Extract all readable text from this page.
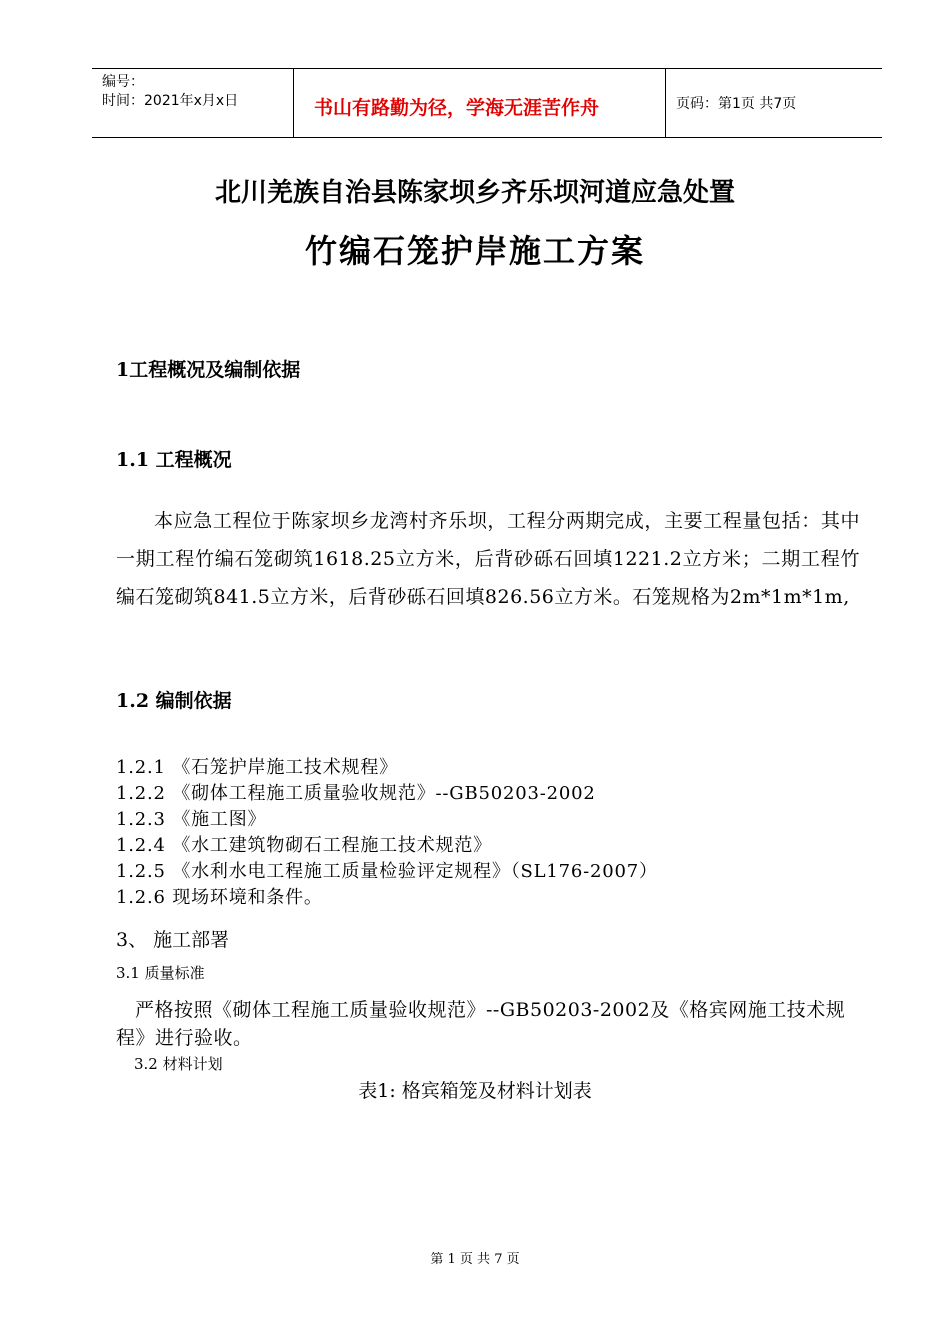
编号：
时间：2021年x月x日	书山有路勤为径，学海无涯苦作舟	页码：第1页 共7页
北川羌族自治县陈家坝乡齐乐坝河道应急处置
竹编石笼护岸施工方案
1工程概况及编制依据
1.1 工程概况
本应急工程位于陈家坝乡龙湾村齐乐坝，工程分两期完成，主要工程量包括：其中一期工程竹编石笼砌筑1618.25立方米，后背砂砾石回填1221.2立方米；二期工程竹编石笼砌筑841.5立方米，后背砂砾石回填826.56立方米。石笼规格为2m*1m*1m,
1.2 编制依据
1.2.1 《石笼护岸施工技术规程》
1.2.2 《砌体工程施工质量验收规范》--GB50203-2002
1.2.3 《施工图》
1.2.4 《水工建筑物砌石工程施工技术规范》
1.2.5 《水利水电工程施工质量检验评定规程》（SL176-2007）
1.2.6 现场环境和条件。
3、 施工部署
3.1 质量标准
严格按照《砌体工程施工质量验收规范》--GB50203-2002及《格宾网施工技术规程》进行验收。
3.2 材料计划
表1: 格宾箱笼及材料计划表
第 1 页 共 7 页
